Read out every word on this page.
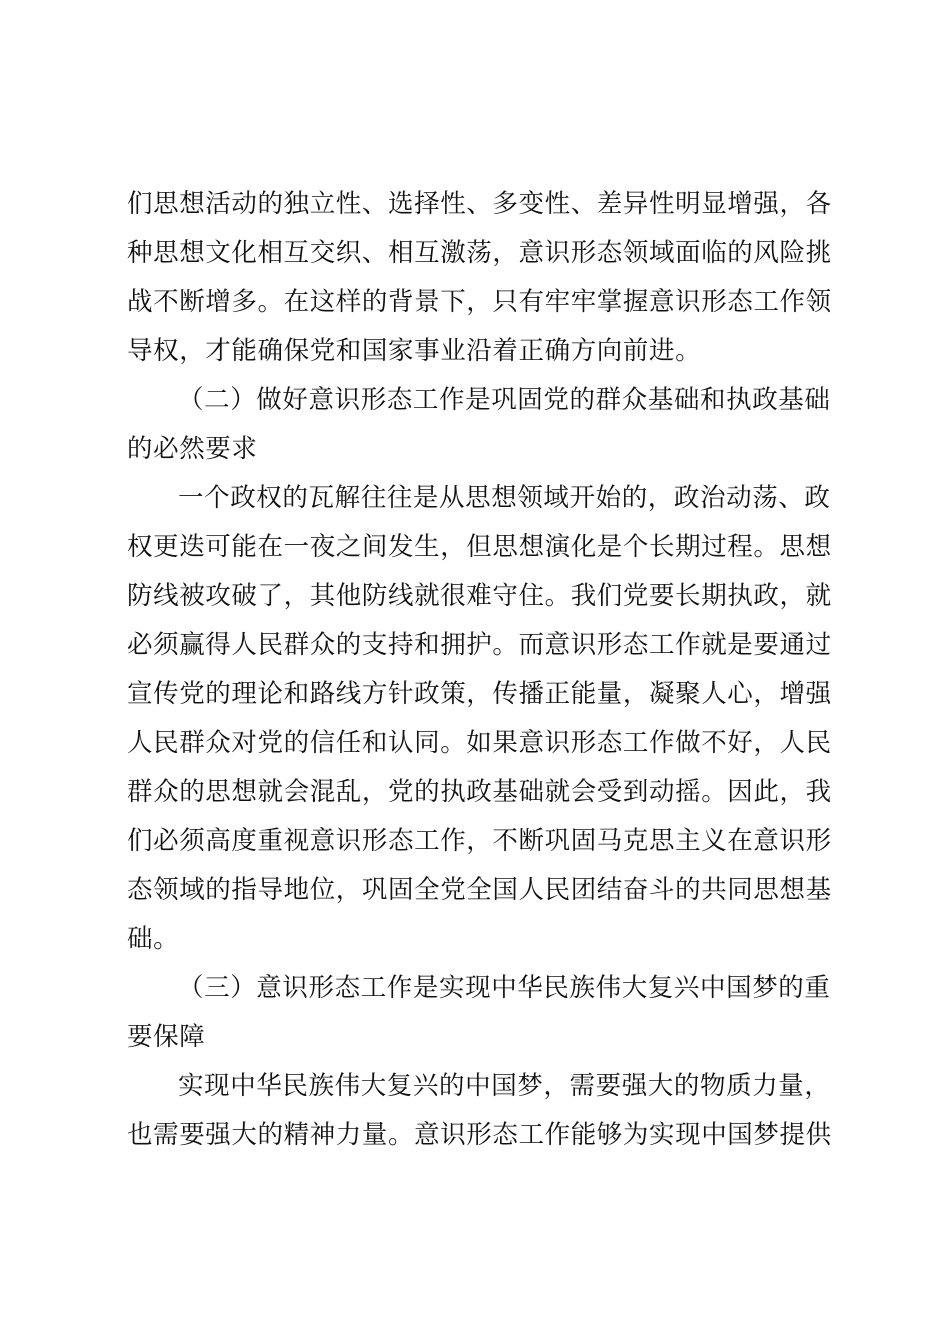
们思想活动的独立性、选择性、多变性、差异性明显增强，各
种思想文化相互交织、相互激荡，意识形态领域面临的风险挑
战不断增多。在这样的背景下，只有牢牢掌握意识形态工作领
导权，才能确保党和国家事业沿着正确方向前进。

（二）做好意识形态工作是巩固党的群众基础和执政基础
的必然要求

一个政权的瓦解往往是从思想领域开始的，政治动荡、政
权更迭可能在一夜之间发生，但思想演化是个长期过程。思想
防线被攻破了，其他防线就很难守住。我们党要长期执政，就
必须赢得人民群众的支持和拥护。而意识形态工作就是要通过
宣传党的理论和路线方针政策，传播正能量，凝聚人心，增强
人民群众对党的信任和认同。如果意识形态工作做不好，人民
群众的思想就会混乱，党的执政基础就会受到动摇。因此，我
们必须高度重视意识形态工作，不断巩固马克思主义在意识形
态领域的指导地位，巩固全党全国人民团结奋斗的共同思想基
础。

（三）意识形态工作是实现中华民族伟大复兴中国梦的重
要保障

实现中华民族伟大复兴的中国梦，需要强大的物质力量，
也需要强大的精神力量。意识形态工作能够为实现中国梦提供
